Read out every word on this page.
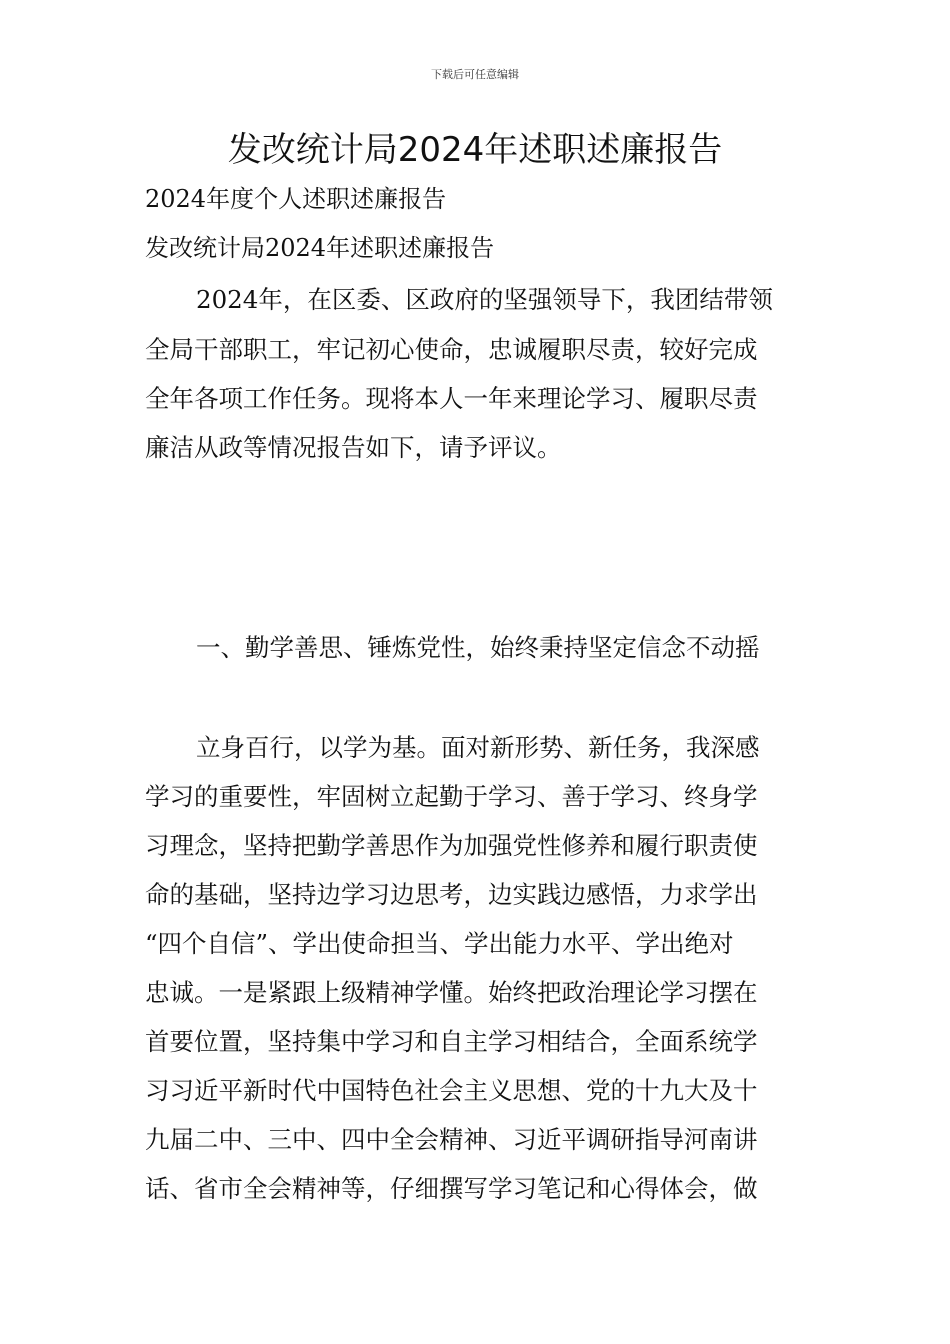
下载后可任意编辑
发改统计局2024年述职述廉报告
2024年度个人述职述廉报告
发改统计局2024年述职述廉报告
2024年，在区委、区政府的坚强领导下，我团结带领
全局干部职工，牢记初心使命，忠诚履职尽责，较好完成
全年各项工作任务。现将本人一年来理论学习、履职尽责
廉洁从政等情况报告如下，请予评议。
一、勤学善思、锤炼党性，始终秉持坚定信念不动摇
立身百行，以学为基。面对新形势、新任务，我深感
学习的重要性，牢固树立起勤于学习、善于学习、终身学
习理念，坚持把勤学善思作为加强党性修养和履行职责使
命的基础，坚持边学习边思考，边实践边感悟，力求学出
“四个自信”、学出使命担当、学出能力水平、学出绝对
忠诚。一是紧跟上级精神学懂。始终把政治理论学习摆在
首要位置，坚持集中学习和自主学习相结合，全面系统学
习习近平新时代中国特色社会主义思想、党的十九大及十
九届二中、三中、四中全会精神、习近平调研指导河南讲
话、省市全会精神等，仔细撰写学习笔记和心得体会，做
